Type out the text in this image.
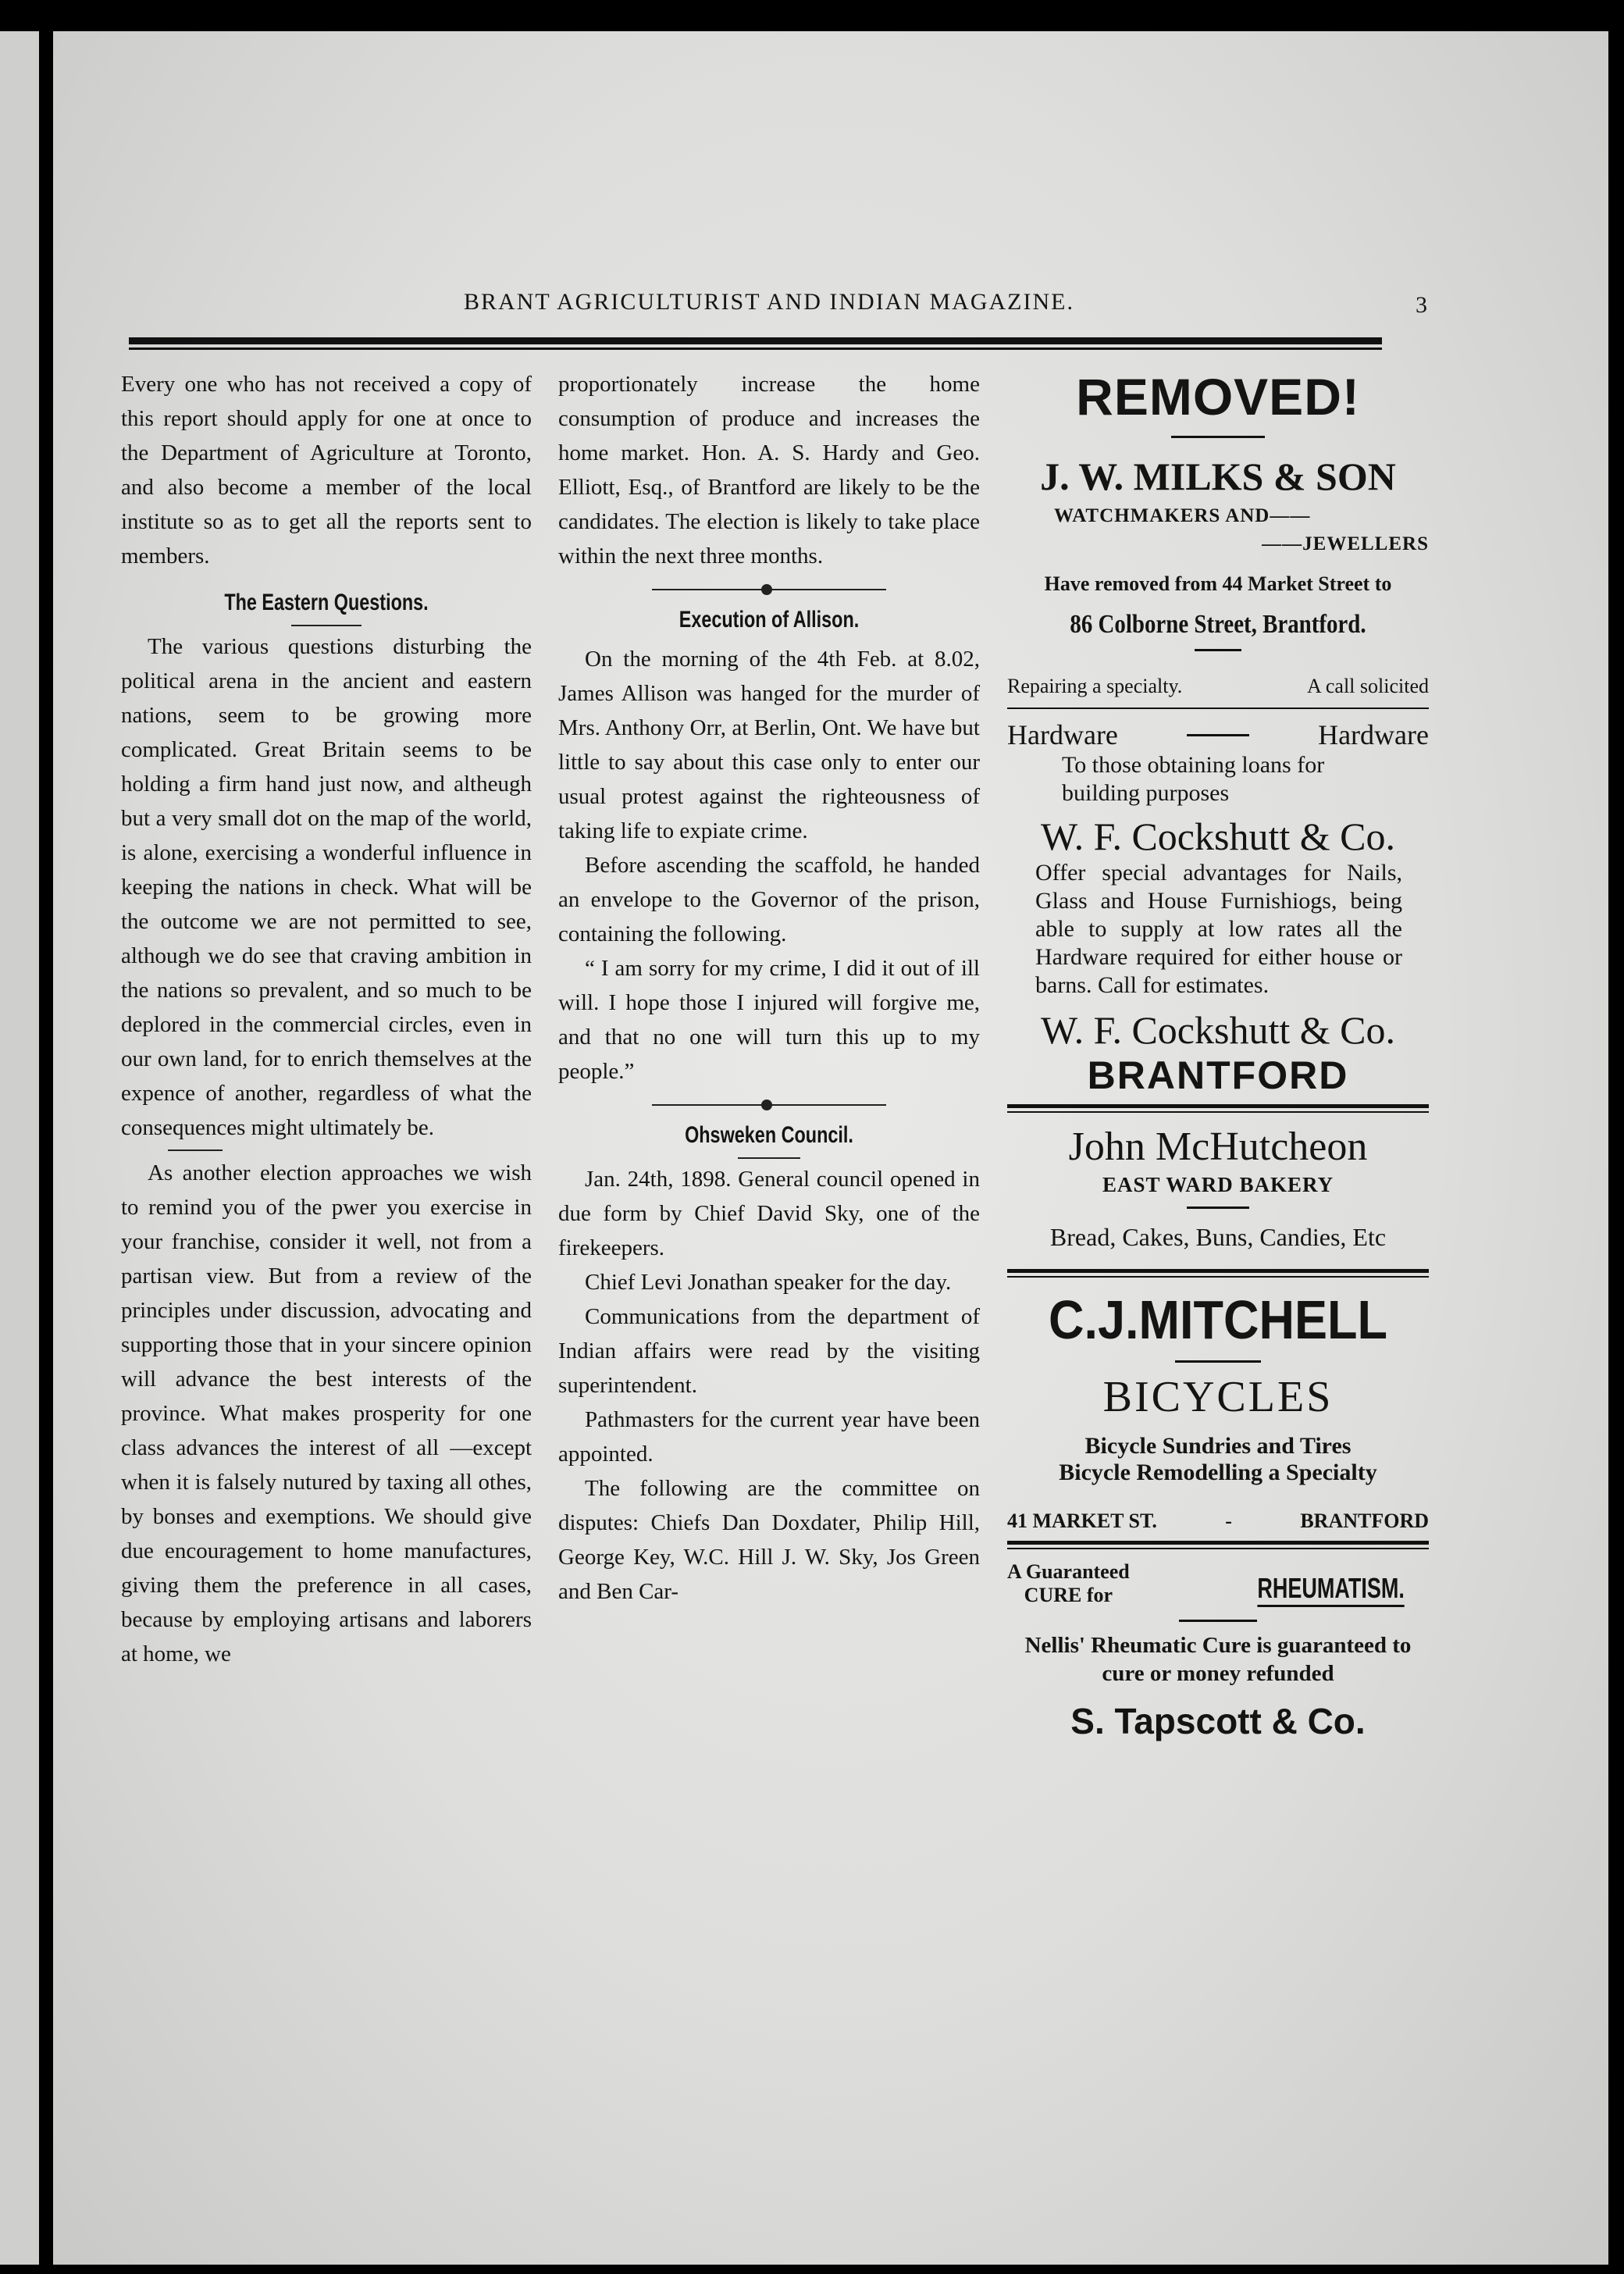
BRANT AGRICULTURIST AND INDIAN MAGAZINE.	3

Every one who has not received a copy of this report should apply for one at once to the Department of Agriculture at Toronto, and also become a member of the local institute so as to get all the reports sent to members.

The Eastern Questions.

The various questions disturbing the political arena in the ancient and eastern nations, seem to be growing more complicated. Great Britain seems to be holding a firm hand just now, and altheugh but a very small dot on the map of the world, is alone, exercising a wonderful influence in keeping the nations in check. What will be the outcome we are not permitted to see, although we do see that craving ambition in the nations so prevalent, and so much to be deplored in the commercial circles, even in our own land, for to enrich themselves at the expence of another, regardless of what the consequences might ultimately be.

As another election approaches we wish to remind you of the pwer you exercise in your franchise, consider it well, not from a partisan view. But from a review of the principles under discussion, advocating and supporting those that in your sincere opinion will advance the best interests of the province. What makes prosperity for one class advances the interest of all —except when it is falsely nutured by taxing all othes, by bonses and exemptions. We should give due encouragement to home manufactures, giving them the preference in all cases, because by employing artisans and laborers at home, we

proportionately increase the home consumption of produce and increases the home market. Hon. A. S. Hardy and Geo. Elliott, Esq., of Brantford are likely to be the candidates. The election is likely to take place within the next three months.

Execution of Allison.

On the morning of the 4th Feb. at 8.02, James Allison was hanged for the murder of Mrs. Anthony Orr, at Berlin, Ont. We have but little to say about this case only to enter our usual protest against the righteousness of taking life to expiate crime.

Before ascending the scaffold, he handed an envelope to the Governor of the prison, containing the following.

“ I am sorry for my crime, I did it out of ill will. I hope those I injured will forgive me, and that no one will turn this up to my people.”

Ohsweken Council.

Jan. 24th, 1898. General council opened in due form by Chief David Sky, one of the firekeepers.

Chief Levi Jonathan speaker for the day.

Communications from the department of Indian affairs were read by the visiting superintendent.

Pathmasters for the current year have been appointed.

The following are the committee on disputes: Chiefs Dan Doxdater, Philip Hill, George Key, W.C. Hill J. W. Sky, Jos Green and Ben Car-

REMOVED!
J. W. MILKS & SON
WATCHMAKERS AND——
——JEWELLERS
Have removed from 44 Market Street to
86 Colborne Street, Brantford.
Repairing a specialty.	A call solicited
Hardware	Hardware
To those obtaining loans for building purposes
W. F. Cockshutt & Co.
Offer special advantages for Nails, Glass and House Furnishiogs, being able to supply at low rates all the Hardware required for either house or barns. Call for estimates.
W. F. Cockshutt & Co.
BRANTFORD
John McHutcheon
EAST WARD BAKERY
Bread, Cakes, Buns, Candies, Etc
C.J.MITCHELL
BICYCLES
Bicycle Sundries and Tires
Bicycle Remodelling a Specialty
41 MARKET ST.	-	BRANTFORD
A Guaranteed
CURE for	RHEUMATISM.
Nellis' Rheumatic Cure is guaranteed to cure or money refunded
S. Tapscott & Co.
